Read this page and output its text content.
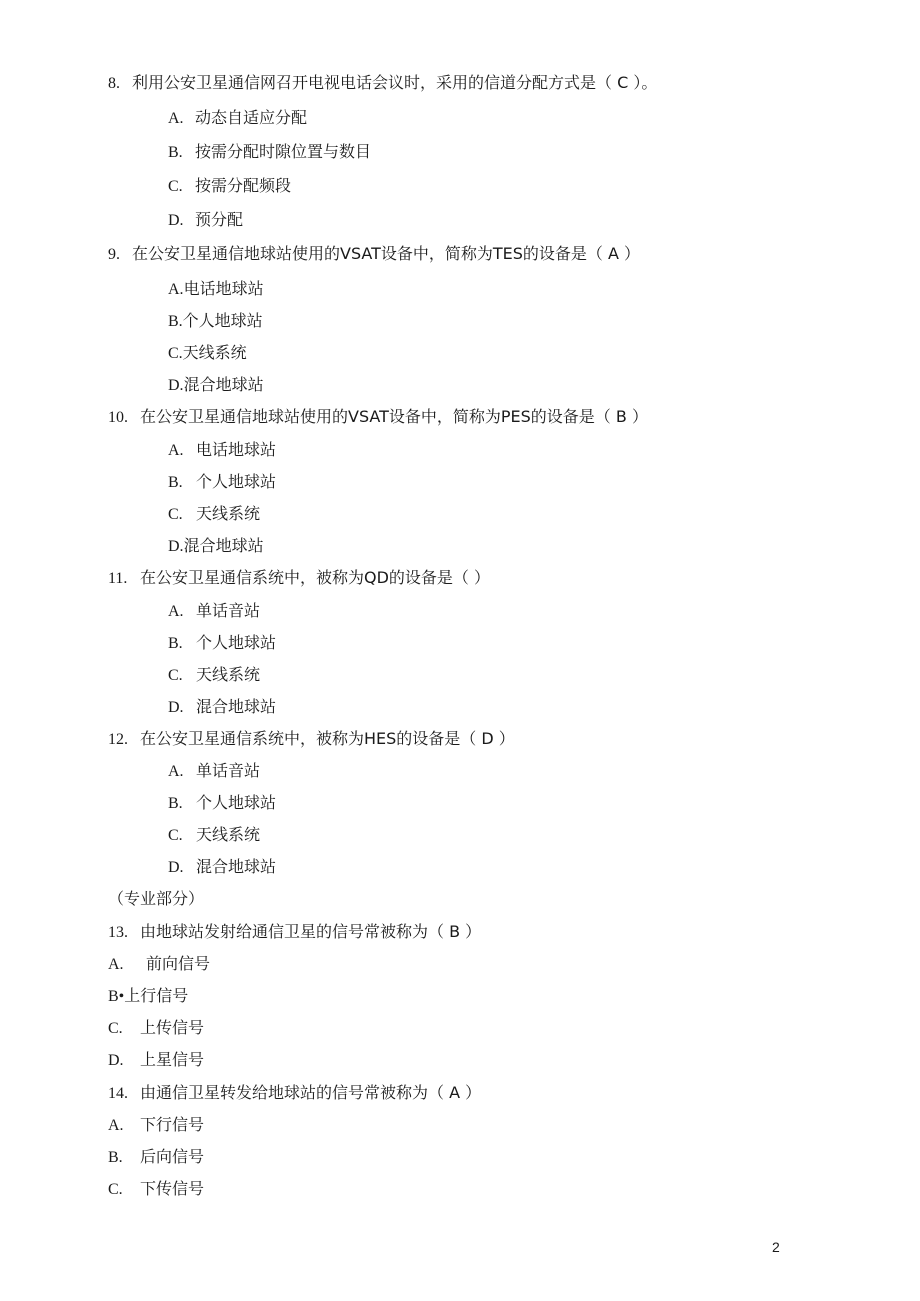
8. 利用公安卫星通信网召开电视电话会议时，采用的信道分配方式是（ C ）。
A. 动态自适应分配
B. 按需分配时隙位置与数目
C. 按需分配频段
D. 预分配
9. 在公安卫星通信地球站使用的VSAT设备中，简称为TES的设备是（ A ）
A.电话地球站
B.个人地球站
C.天线系统
D.混合地球站
10. 在公安卫星通信地球站使用的VSAT设备中，简称为PES的设备是（ B ）
A. 电话地球站
B. 个人地球站
C. 天线系统
D.混合地球站
11. 在公安卫星通信系统中，被称为QD的设备是（ ）
A. 单话音站
B. 个人地球站
C. 天线系统
D. 混合地球站
12. 在公安卫星通信系统中，被称为HES的设备是（ D ）
A. 单话音站
B. 个人地球站
C. 天线系统
D. 混合地球站
（专业部分）
13. 由地球站发射给通信卫星的信号常被称为（ B ）
A. 前向信号
B•上行信号
C. 上传信号
D. 上星信号
14. 由通信卫星转发给地球站的信号常被称为（ A ）
A. 下行信号
B. 后向信号
C. 下传信号
2
